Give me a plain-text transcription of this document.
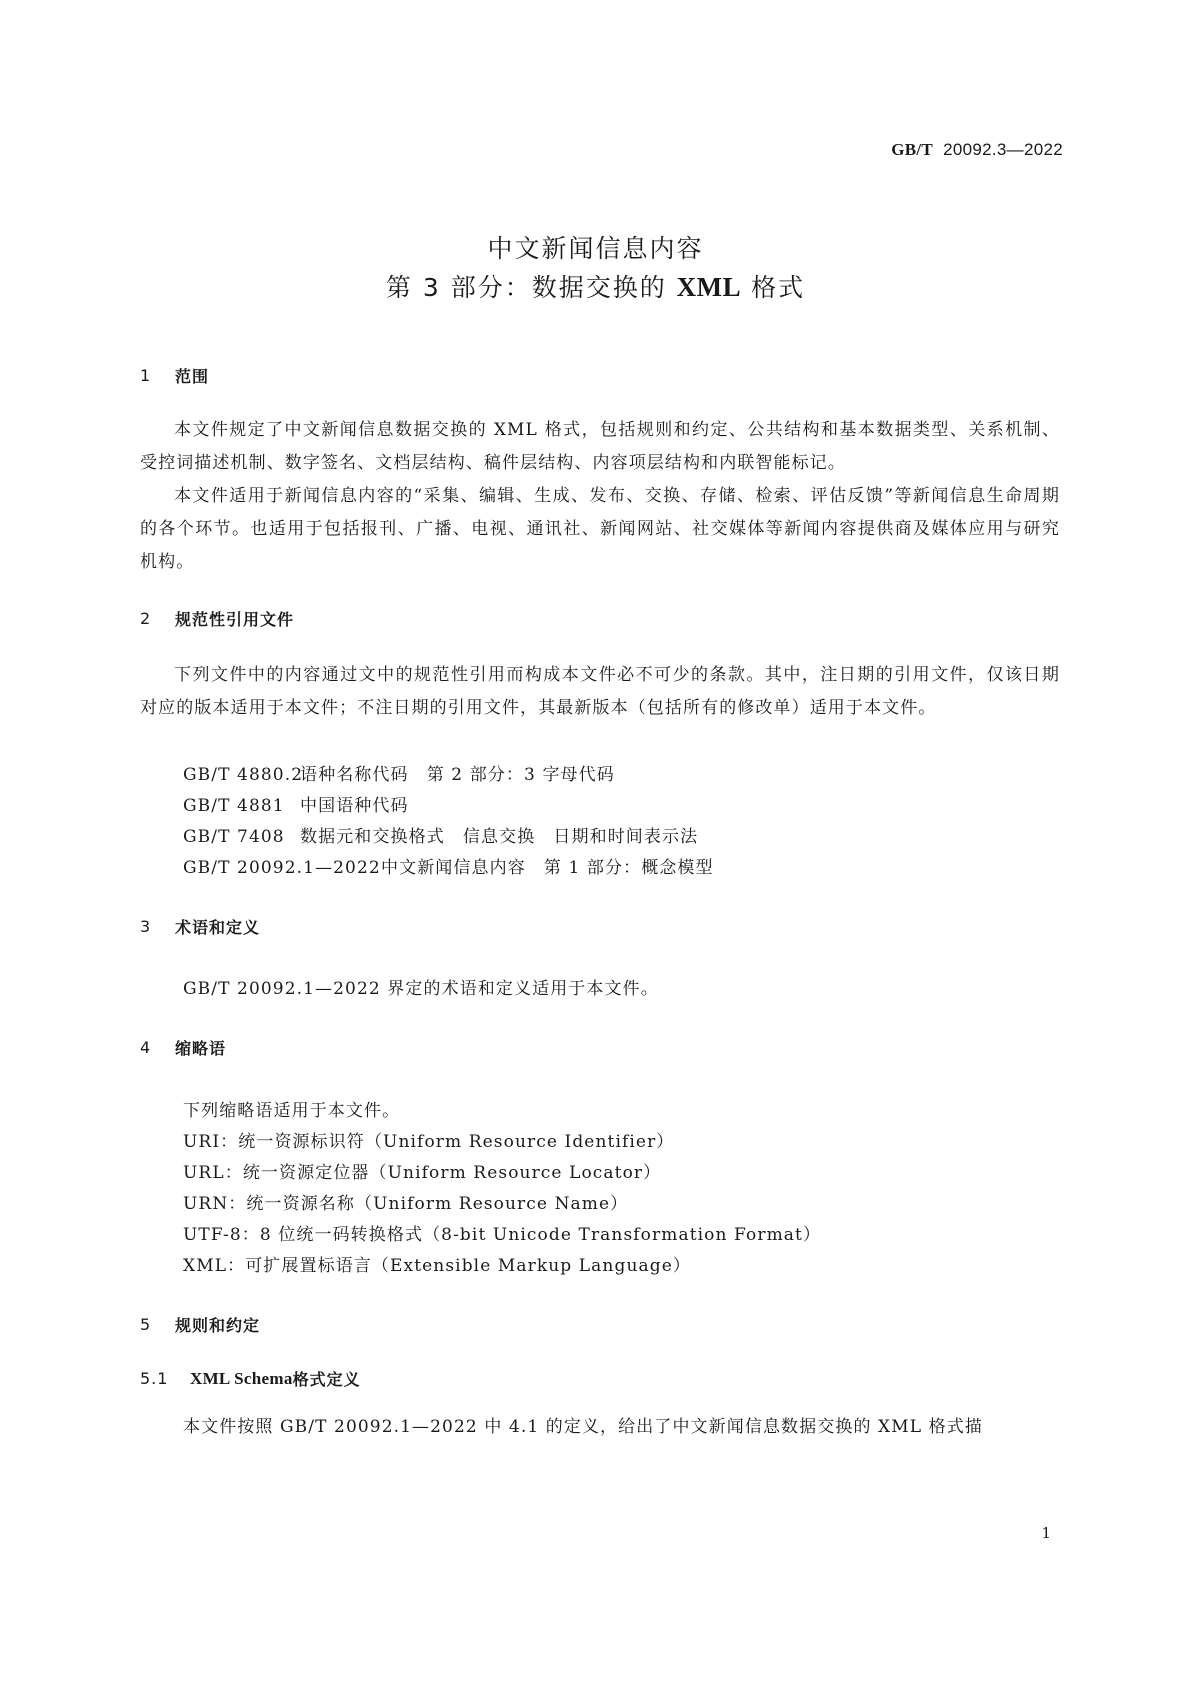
GB/T 20092.3—2022
中文新闻信息内容
第 3 部分：数据交换的 XML 格式
1	范围
本文件规定了中文新闻信息数据交换的 XML 格式，包括规则和约定、公共结构和基本数据类型、关系机制、受控词描述机制、数字签名、文档层结构、稿件层结构、内容项层结构和内联智能标记。
本文件适用于新闻信息内容的“采集、编辑、生成、发布、交换、存储、检索、评估反馈”等新闻信息生命周期的各个环节。也适用于包括报刊、广播、电视、通讯社、新闻网站、社交媒体等新闻内容提供商及媒体应用与研究机构。
2	规范性引用文件
下列文件中的内容通过文中的规范性引用而构成本文件必不可少的条款。其中，注日期的引用文件，仅该日期对应的版本适用于本文件；不注日期的引用文件，其最新版本（包括所有的修改单）适用于本文件。
GB/T 4880.2语种名称代码　第 2 部分：3 字母代码
GB/T 4881 中国语种代码
GB/T 7408 数据元和交换格式　信息交换　日期和时间表示法
GB/T 20092.1—2022中文新闻信息内容　第 1 部分：概念模型
3	术语和定义
GB/T 20092.1—2022 界定的术语和定义适用于本文件。
4	缩略语
下列缩略语适用于本文件。
URI：统一资源标识符（Uniform Resource Identifier）
URL：统一资源定位器（Uniform Resource Locator）
URN：统一资源名称（Uniform Resource Name）
UTF-8：8 位统一码转换格式（8-bit Unicode Transformation Format）
XML：可扩展置标语言（Extensible Markup Language）
5	规则和约定
5.1	XML Schema 格式定义
本文件按照 GB/T 20092.1—2022 中 4.1 的定义，给出了中文新闻信息数据交换的 XML 格式描
1
